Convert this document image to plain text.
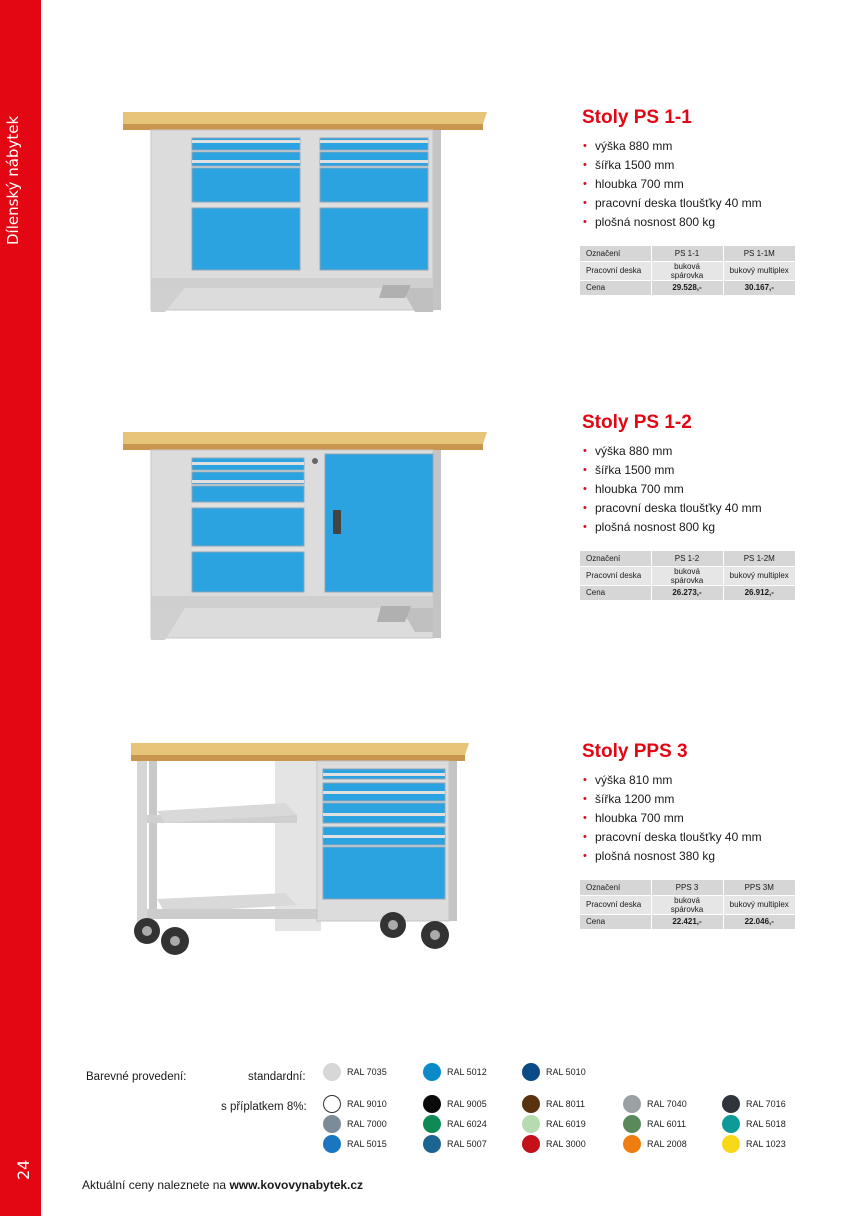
24
Stoly PS 1-1
• výška 880 mm
• šířka 1500 mm
• hloubka 700 mm
• pracovní deska tloušťky 40 mm
• plošná nosnost 800 kg
Označení	PS 1-1	PS 1-1M
Pracovní deska	buková spárovka	bukový multiplex
Cena	29.528,-	30.167,-
Stoly PS 1-2
• výška 880 mm
• šířka 1500 mm
• hloubka 700 mm
• pracovní deska tloušťky 40 mm
• plošná nosnost 800 kg
Označení	PS 1-2	PS 1-2M
Pracovní deska	buková spárovka	bukový multiplex
Cena	26.273,-	26.912,-
Stoly PPS 3
• výška 810 mm
• šířka 1200 mm
• hloubka 700 mm
• pracovní deska tloušťky 40 mm
• plošná nosnost 380 kg
Označení	PPS 3	PPS 3M
Pracovní deska	buková spárovka	bukový multiplex
Cena	22.421,-	22.046,-
Barevné provedení:	standardní:
s příplatkem 8%:
RAL 7035	RAL 5012	RAL 5010
RAL 9010	RAL 9005	RAL 8011	RAL 7040	RAL 7016
RAL 7000	RAL 6024	RAL 6019	RAL 6011	RAL 5018
RAL 5015	RAL 5007	RAL 3000	RAL 2008	RAL 1023
Aktuální ceny naleznete na www.kovovynabytek.cz
